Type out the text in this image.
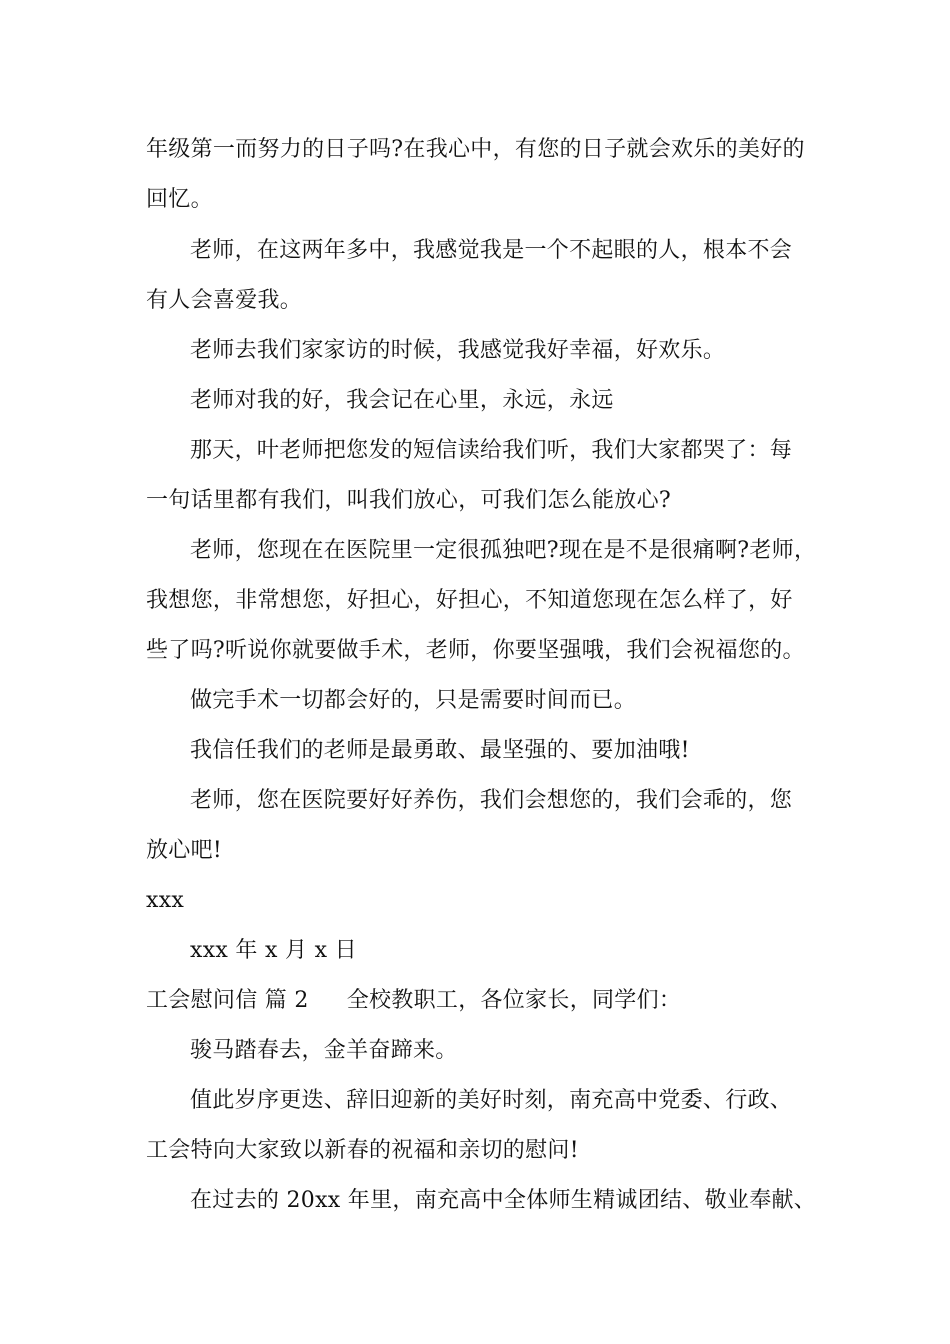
年级第一而努力的日子吗?在我心中，有您的日子就会欢乐的美好的
回忆。
老师，在这两年多中，我感觉我是一个不起眼的人，根本不会
有人会喜爱我。
老师去我们家家访的时候，我感觉我好幸福，好欢乐。
老师对我的好，我会记在心里，永远，永远
那天，叶老师把您发的短信读给我们听，我们大家都哭了：每
一句话里都有我们，叫我们放心，可我们怎么能放心?
老师，您现在在医院里一定很孤独吧?现在是不是很痛啊?老师，
我想您，非常想您，好担心，好担心，不知道您现在怎么样了，好
些了吗?听说你就要做手术，老师，你要坚强哦，我们会祝福您的。
做完手术一切都会好的，只是需要时间而已。
我信任我们的老师是最勇敢、最坚强的、要加油哦!
老师，您在医院要好好养伤，我们会想您的，我们会乖的，您
放心吧!
xxx
xxx 年 x 月 x 日
工会慰问信 篇 2 全校教职工，各位家长，同学们：
骏马踏春去，金羊奋蹄来。
值此岁序更迭、辞旧迎新的美好时刻，南充高中党委、行政、
工会特向大家致以新春的祝福和亲切的慰问!
在过去的 20xx 年里，南充高中全体师生精诚团结、敬业奉献、
